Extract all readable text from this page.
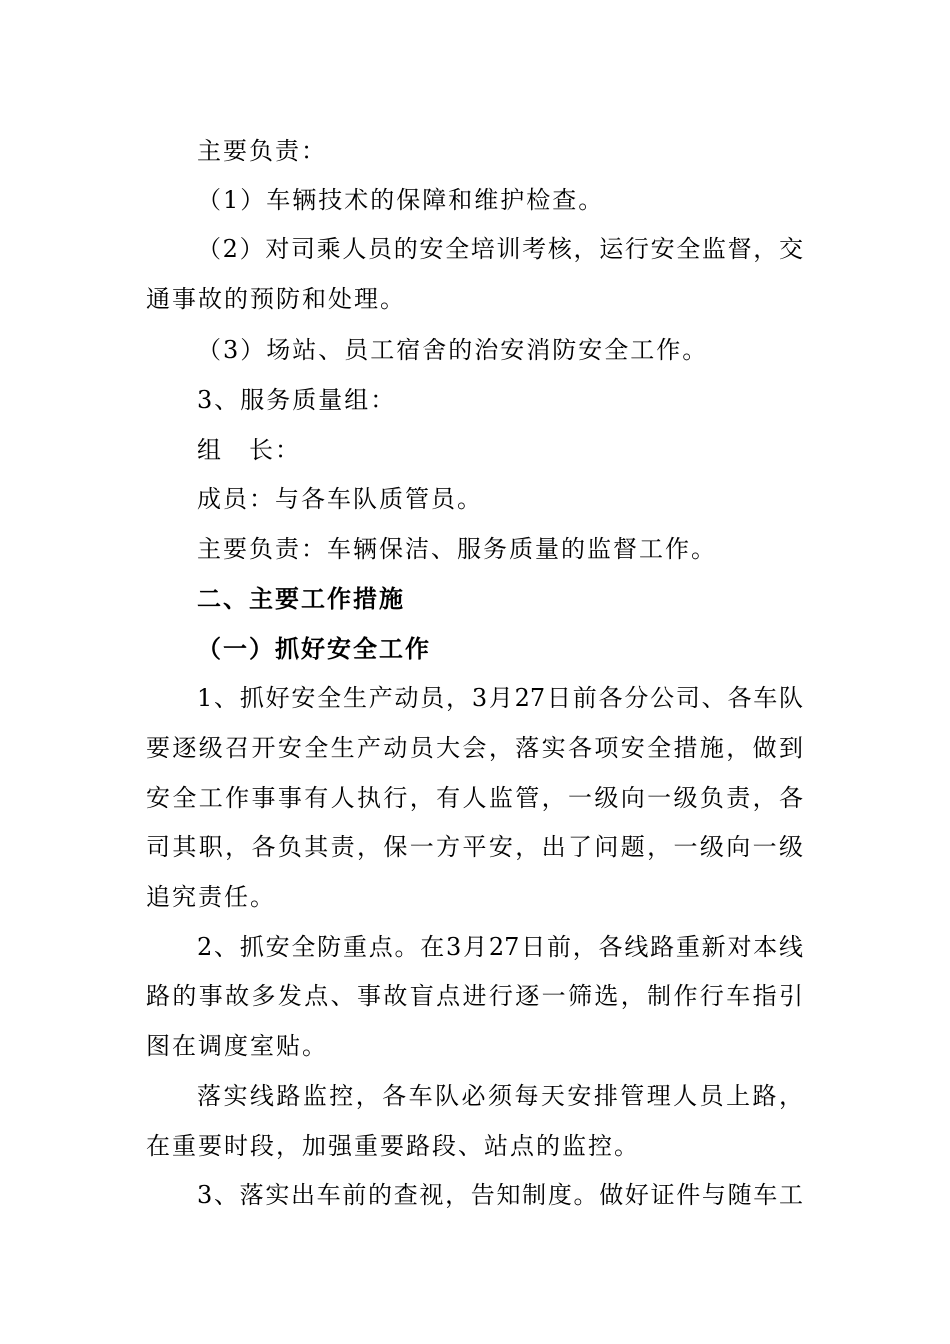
主要负责：
（1）车辆技术的保障和维护检查。
（2）对司乘人员的安全培训考核，运行安全监督，交
通事故的预防和处理。
（3）场站、员工宿舍的治安消防安全工作。
3、服务质量组：
组　长：
成员：与各车队质管员。
主要负责：车辆保洁、服务质量的监督工作。
二、主要工作措施
（一）抓好安全工作
1、抓好安全生产动员，3月27日前各分公司、各车队
要逐级召开安全生产动员大会，落实各项安全措施，做到
安全工作事事有人执行，有人监管，一级向一级负责，各
司其职，各负其责，保一方平安，出了问题，一级向一级
追究责任。
2、抓安全防重点。在3月27日前，各线路重新对本线
路的事故多发点、事故盲点进行逐一筛选，制作行车指引
图在调度室贴。
落实线路监控，各车队必须每天安排管理人员上路，
在重要时段，加强重要路段、站点的监控。
3、落实出车前的查视，告知制度。做好证件与随车工
